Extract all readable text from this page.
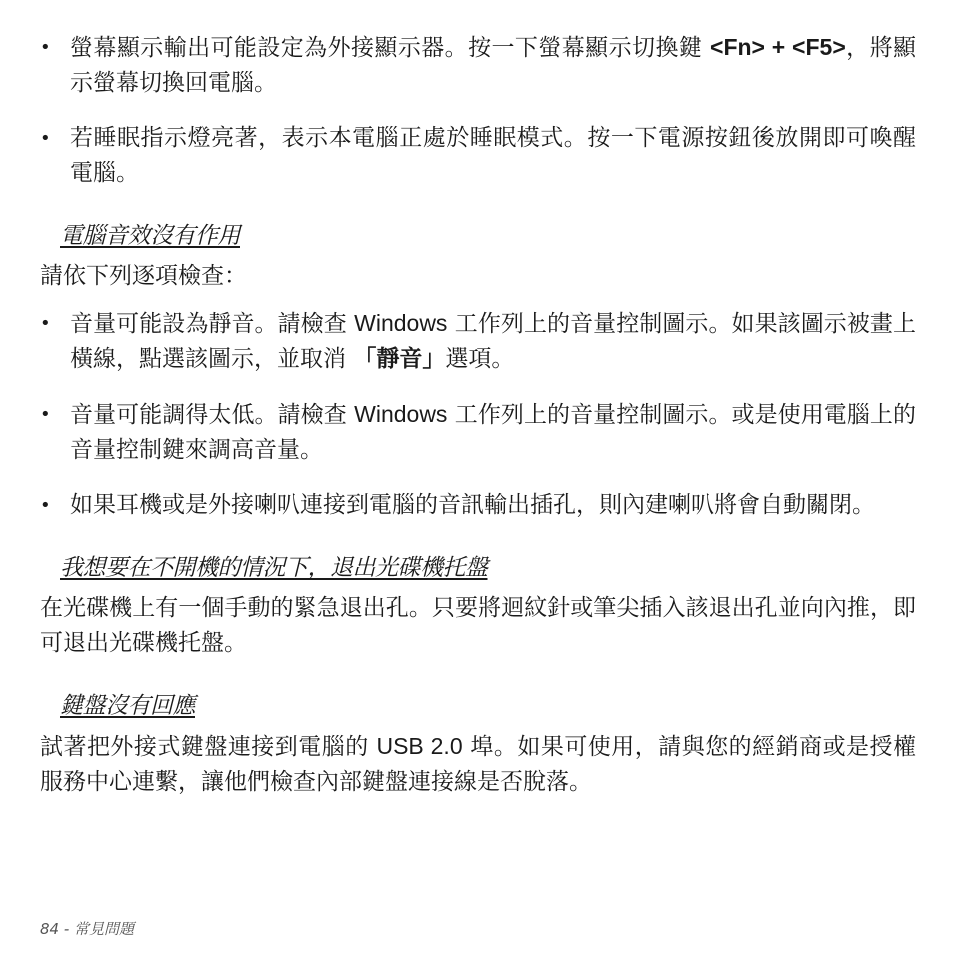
• 螢幕顯示輸出可能設定為外接顯示器。按一下螢幕顯示切換鍵 <Fn> + <F5>，將顯示螢幕切換回電腦。
• 若睡眠指示燈亮著，表示本電腦正處於睡眠模式。按一下電源按鈕後放開即可喚醒電腦。
電腦音效沒有作用
請依下列逐項檢查：
• 音量可能設為靜音。請檢查 Windows 工作列上的音量控制圖示。如果該圖示被畫上橫線，點選該圖示，並取消 「靜音」選項。
• 音量可能調得太低。請檢查 Windows 工作列上的音量控制圖示。或是使用電腦上的音量控制鍵來調高音量。
• 如果耳機或是外接喇叭連接到電腦的音訊輸出插孔，則內建喇叭將會自動關閉。
我想要在不開機的情況下，退出光碟機托盤
在光碟機上有一個手動的緊急退出孔。只要將迴紋針或筆尖插入該退出孔並向內推，即可退出光碟機托盤。
鍵盤沒有回應
試著把外接式鍵盤連接到電腦的 USB 2.0 埠。如果可使用，請與您的經銷商或是授權服務中心連繫，讓他們檢查內部鍵盤連接線是否脫落。
84 - 常見問題
